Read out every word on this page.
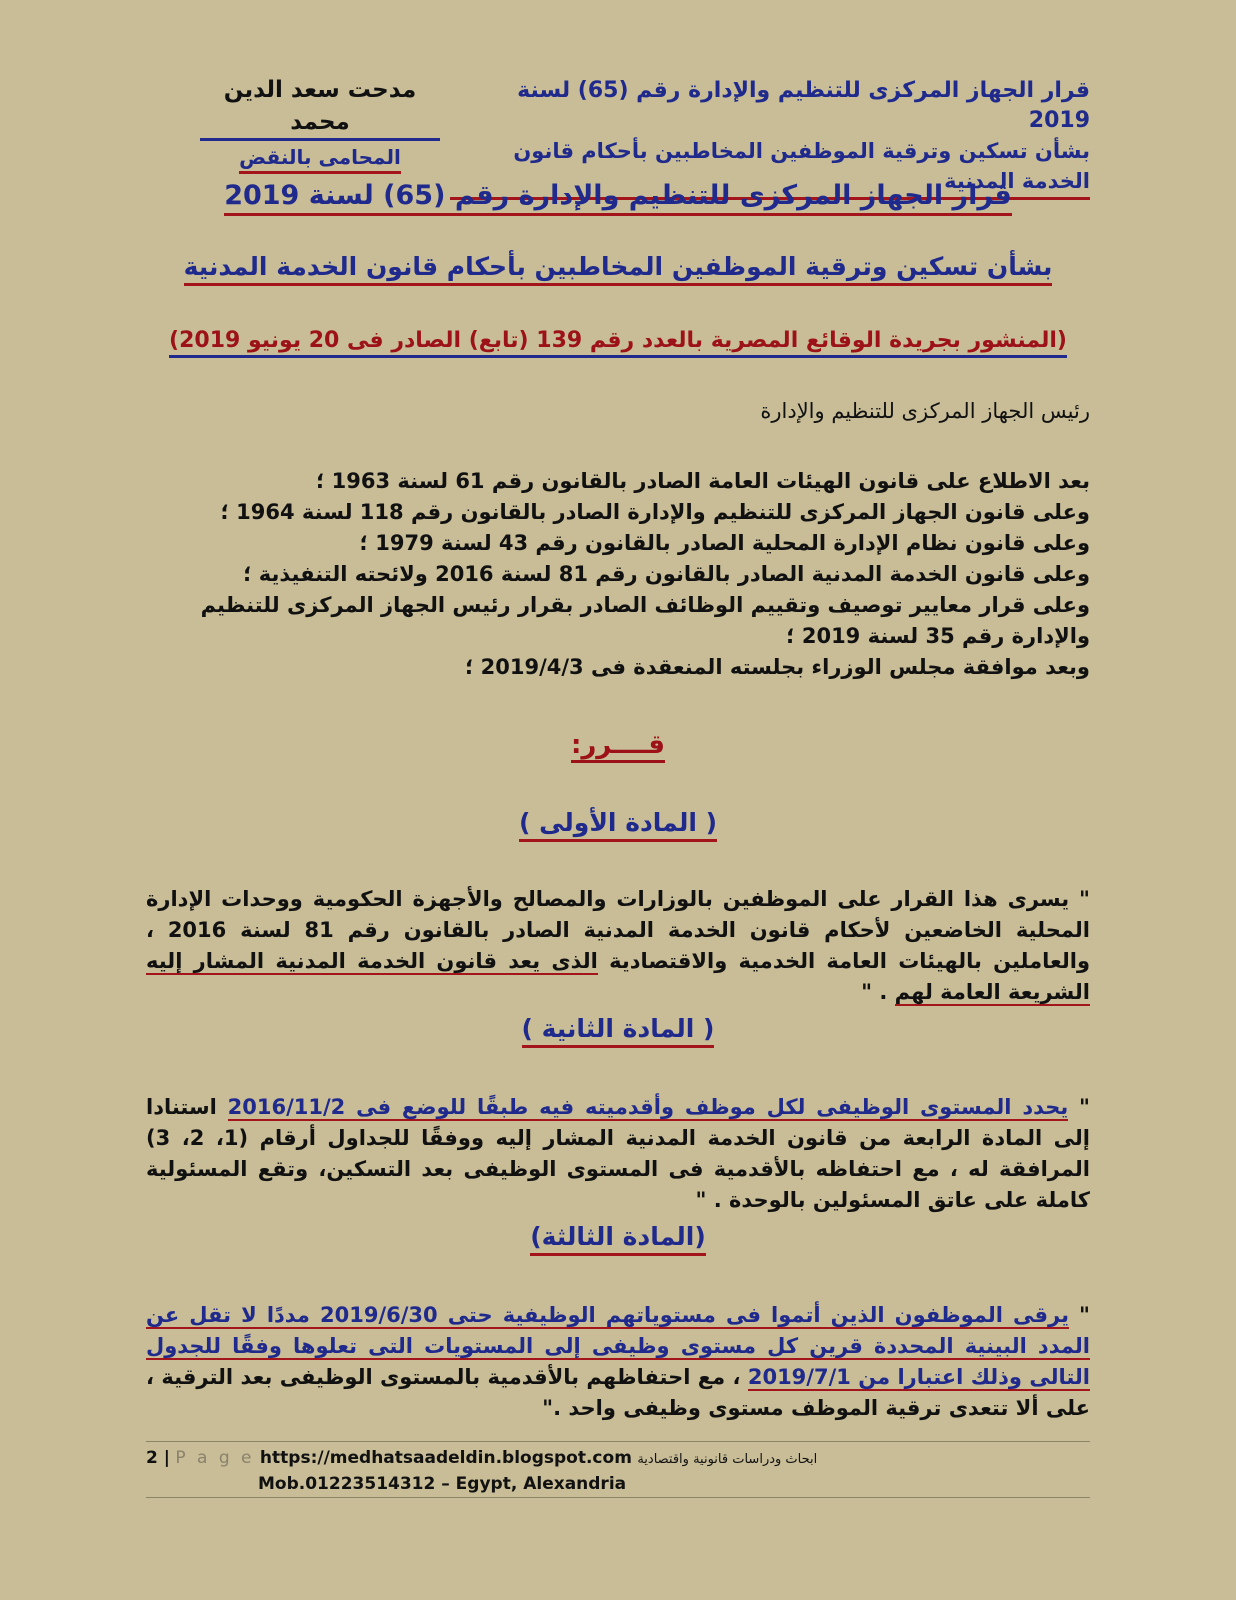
قرار الجهاز المركزى للتنظيم والإدارة رقم (65) لسنة 2019
بشأن تسكين وترقية الموظفين المخاطبين بأحكام قانون الخدمة المدنية
مدحت سعد الدين محمد
المحامى بالنقض
قرار الجهاز المركزى للتنظيم والإدارة رقم (65) لسنة 2019
بشأن تسكين وترقية الموظفين المخاطبين بأحكام قانون الخدمة المدنية
(المنشور بجريدة الوقائع المصرية بالعدد رقم 139 (تابع) الصادر فى 20 يونيو 2019)
رئيس الجهاز المركزى للتنظيم والإدارة
بعد الاطلاع على قانون الهيئات العامة الصادر بالقانون رقم 61 لسنة 1963 ؛
وعلى قانون الجهاز المركزى للتنظيم والإدارة الصادر بالقانون رقم 118 لسنة 1964 ؛
وعلى قانون نظام الإدارة المحلية الصادر بالقانون رقم 43 لسنة 1979 ؛
وعلى قانون الخدمة المدنية الصادر بالقانون رقم 81 لسنة 2016 ولائحته التنفيذية ؛
وعلى قرار معايير توصيف وتقييم الوظائف الصادر بقرار رئيس الجهاز المركزى للتنظيم والإدارة رقم 35 لسنة 2019 ؛
وبعد موافقة مجلس الوزراء بجلسته المنعقدة فى 2019/4/3 ؛
قــــرر:
( المادة الأولى )
" يسرى هذا القرار على الموظفين بالوزارات والمصالح والأجهزة الحكومية ووحدات الإدارة المحلية الخاضعين لأحكام قانون الخدمة المدنية الصادر بالقانون رقم 81 لسنة 2016 ، والعاملين بالهيئات العامة الخدمية والاقتصادية الذى يعد قانون الخدمة المدنية المشار إليه الشريعة العامة لهم . "
( المادة الثانية )
" يحدد المستوى الوظيفى لكل موظف وأقدميته فيه طبقًا للوضع فى 2016/11/2 استنادا إلى المادة الرابعة من قانون الخدمة المدنية المشار إليه ووفقًا للجداول أرقام (1، 2، 3) المرافقة له ، مع احتفاظه بالأقدمية فى المستوى الوظيفى بعد التسكين، وتقع المسئولية كاملة على عاتق المسئولين بالوحدة . "
(المادة الثالثة)
" يرقى الموظفون الذين أتموا فى مستوياتهم الوظيفية حتى 2019/6/30 مددًا لا تقل عن المدد البينية المحددة قرين كل مستوى وظيفى إلى المستويات التى تعلوها وفقًا للجدول التالى وذلك اعتبارا من 2019/7/1 ، مع احتفاظهم بالأقدمية بالمستوى الوظيفى بعد الترقية ، على ألا تتعدى ترقية الموظف مستوى وظيفى واحد ."
2 | P a g e https://medhatsaadeldin.blogspot.com ابحاث ودراسات قانونية واقتصادية
Mob.01223514312 – Egypt, Alexandria
